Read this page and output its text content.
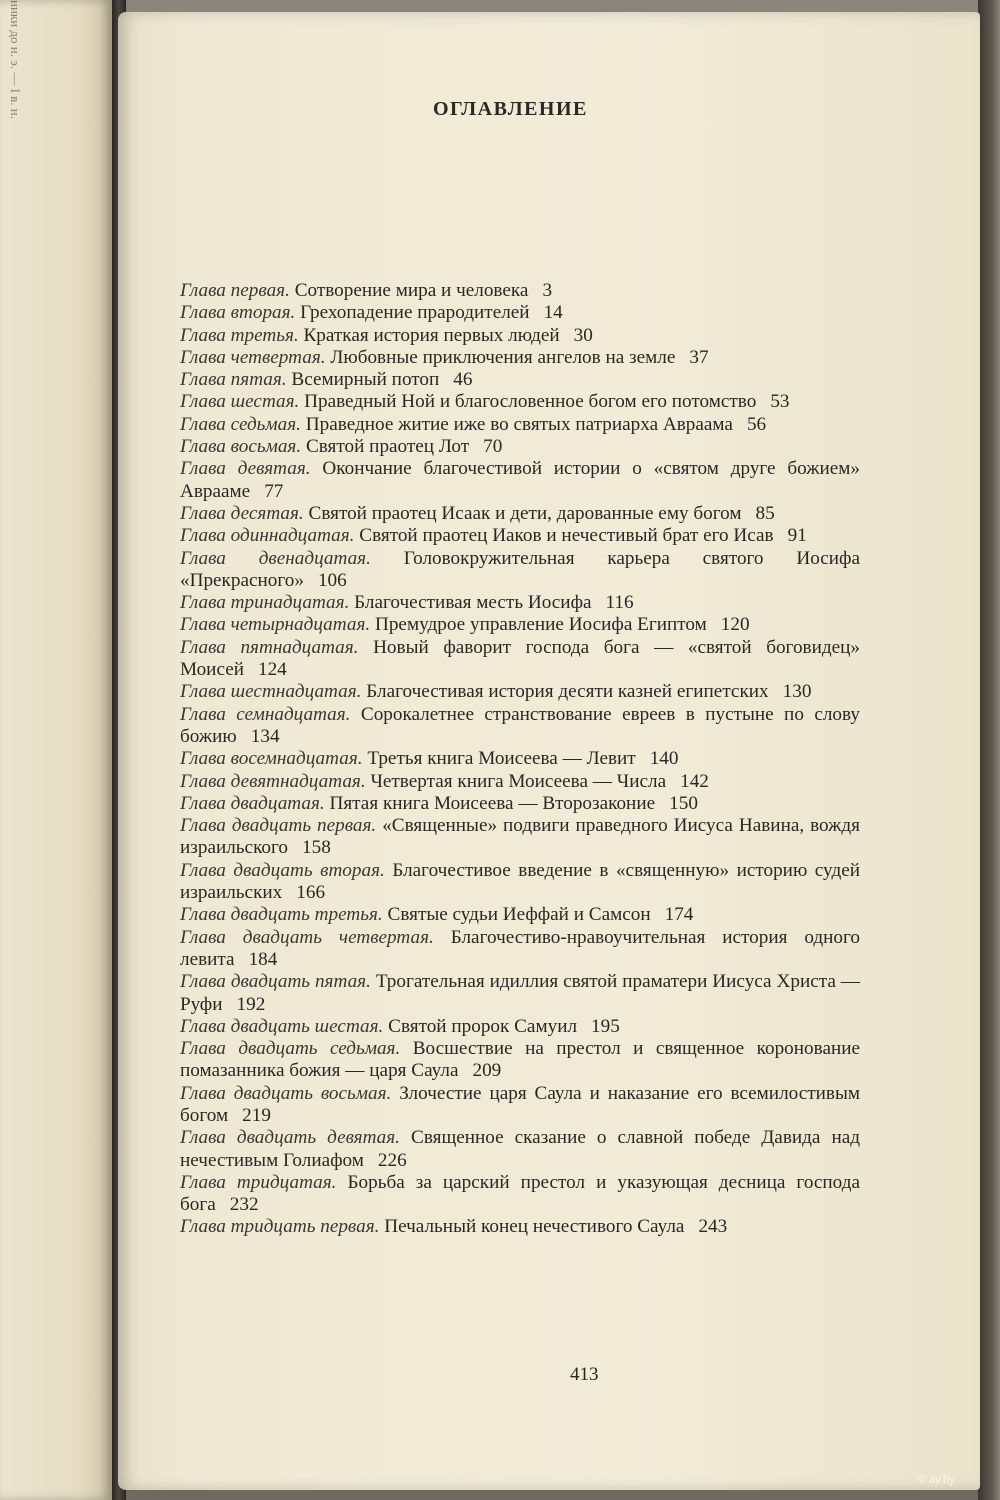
ники до н. э. — I в. н.	ОГЛАВЛЕНИЕ
413
Глава первая. Сотворение мира и человека 3
Глава вторая. Грехопадение прародителей 14
Глава третья. Краткая история первых людей 30
Глава четвертая. Любовные приключения ангелов на земле 37
Глава пятая. Всемирный потоп 46
Глава шестая. Праведный Ной и благословенное богом его потомство 53
Глава седьмая. Праведное житие иже во святых патриарха Авраама 56
Глава восьмая. Святой праотец Лот 70
Глава девятая. Окончание благочестивой истории о «святом друге божием» Аврааме 77
Глава десятая. Святой праотец Исаак и дети, дарованные ему богом 85
Глава одиннадцатая. Святой праотец Иаков и нечестивый брат его Исав 91
Глава двенадцатая. Головокружительная карьера святого Иосифа «Прекрасного» 106
Глава тринадцатая. Благочестивая месть Иосифа 116
Глава четырнадцатая. Премудрое управление Иосифа Египтом 120
Глава пятнадцатая. Новый фаворит господа бога — «святой боговидец» Моисей 124
Глава шестнадцатая. Благочестивая история десяти казней египетских 130
Глава семнадцатая. Сорокалетнее странствование евреев в пустыне по слову божию 134
Глава восемнадцатая. Третья книга Моисеева — Левит 140
Глава девятнадцатая. Четвертая книга Моисеева — Числа 142
Глава двадцатая. Пятая книга Моисеева — Второзаконие 150
Глава двадцать первая. «Священные» подвиги праведного Иисуса Навина, вождя израильского 158
Глава двадцать вторая. Благочестивое введение в «священную» историю судей израильских 166
Глава двадцать третья. Святые судьи Иеффай и Самсон 174
Глава двадцать четвертая. Благочестиво-нравоучительная история одного левита 184
Глава двадцать пятая. Трогательная идиллия святой праматери Иисуса Христа — Руфи 192
Глава двадцать шестая. Святой пророк Самуил 195
Глава двадцать седьмая. Восшествие на престол и священное коронование помазанника божия — царя Саула 209
Глава двадцать восьмая. Злочестие царя Саула и наказание его всемилостивым богом 219
Глава двадцать девятая. Священное сказание о славной победе Давида над нечестивым Голиафом 226
Глава тридцатая. Борьба за царский престол и указующая десница господа бога 232
Глава тридцать первая. Печальный конец нечестивого Саула 243
© ay.by
